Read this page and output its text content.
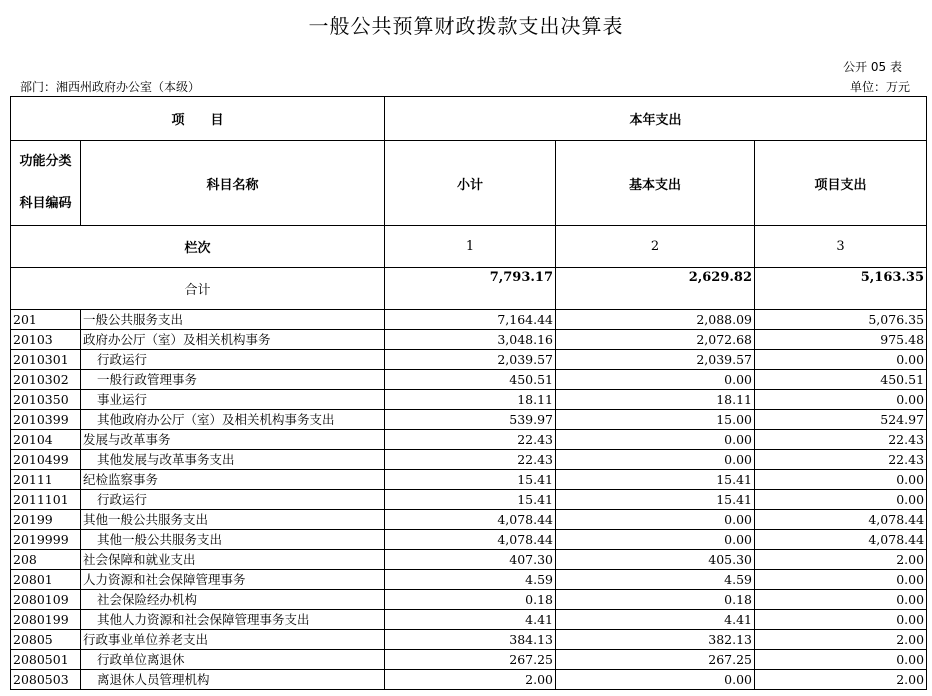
一般公共预算财政拨款支出决算表
公开 05 表
部门：湘西州政府办公室（本级）	单位：万元
项　　目		本年支出		

功能分类
科目编码	科目名称	小计	基本支出	项目支出
栏次		1	2	3
合计		7,793.17	2,629.82	5,163.35
201	一般公共服务支出	7,164.44	2,088.09	5,076.35
20103	政府办公厅（室）及相关机构事务	3,048.16	2,072.68	975.48
2010301	行政运行	2,039.57	2,039.57	0.00
2010302	一般行政管理事务	450.51	0.00	450.51
2010350	事业运行	18.11	18.11	0.00
2010399	其他政府办公厅（室）及相关机构事务支出	539.97	15.00	524.97
20104	发展与改革事务	22.43	0.00	22.43
2010499	其他发展与改革事务支出	22.43	0.00	22.43
20111	纪检监察事务	15.41	15.41	0.00
2011101	行政运行	15.41	15.41	0.00
20199	其他一般公共服务支出	4,078.44	0.00	4,078.44
2019999	其他一般公共服务支出	4,078.44	0.00	4,078.44
208	社会保障和就业支出	407.30	405.30	2.00
20801	人力资源和社会保障管理事务	4.59	4.59	0.00
2080109	社会保险经办机构	0.18	0.18	0.00
2080199	其他人力资源和社会保障管理事务支出	4.41	4.41	0.00
20805	行政事业单位养老支出	384.13	382.13	2.00
2080501	行政单位离退休	267.25	267.25	0.00
2080503	离退休人员管理机构	2.00	0.00	2.00
